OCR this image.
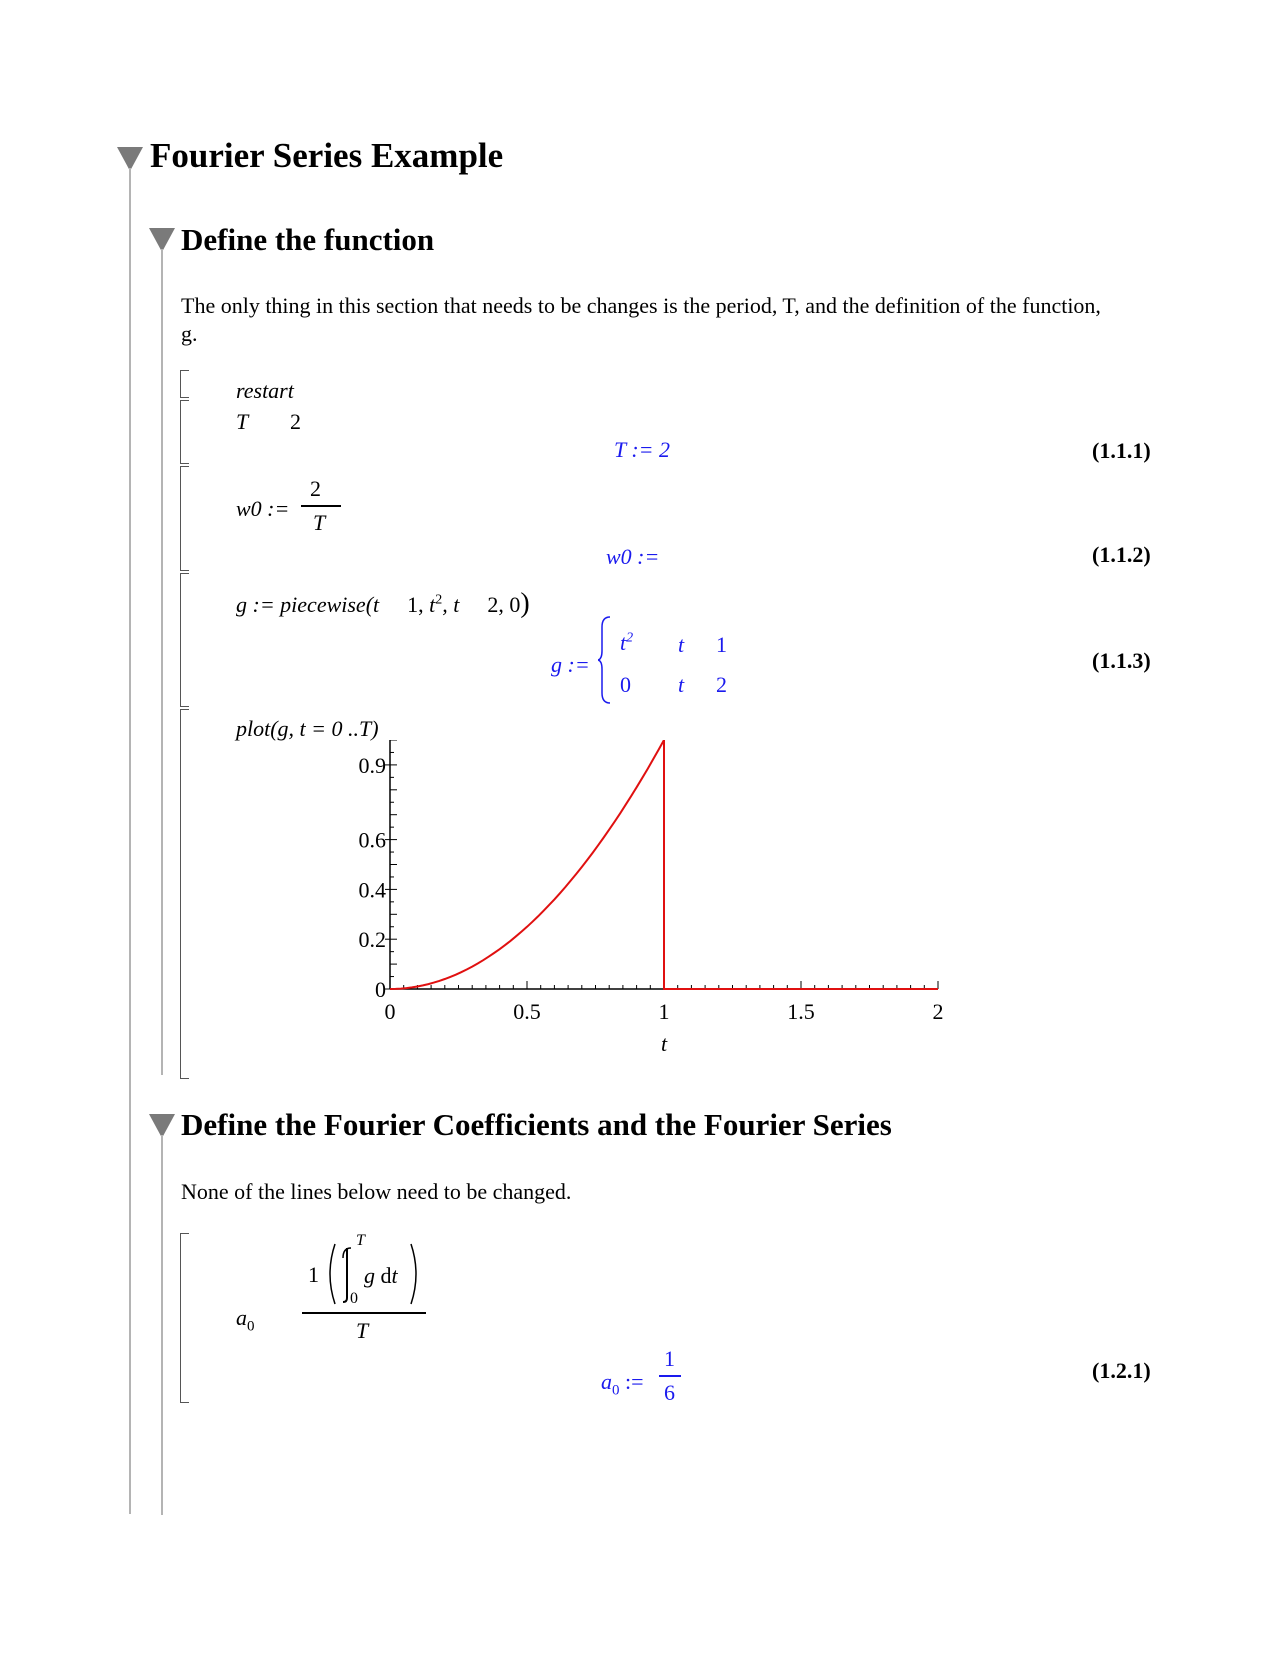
Fourier Series Example
Define the function
The only thing in this section that needs to be changes is the period, T, and the definition of the function, g.
restart
T 2
T := 2	(1.1.1)
w0 :=
2
T
w0 :=	(1.1.2)
g := piecewise(t 1, $t^2$, t 2, 0)
g :=
$t^2$ t 1
0 t 2
(1.1.3)
plot(g, t = 0 ..T)
0	0.5	1	1.5	2
0
0.2
0.4
0.6
0.9
t
Define the Fourier Coefficients and the Fourier Series
None of the lines below need to be changed.
$a_0$
1
T
0
g dt
T
$a_0$ :=
1
6
(1.2.1)
